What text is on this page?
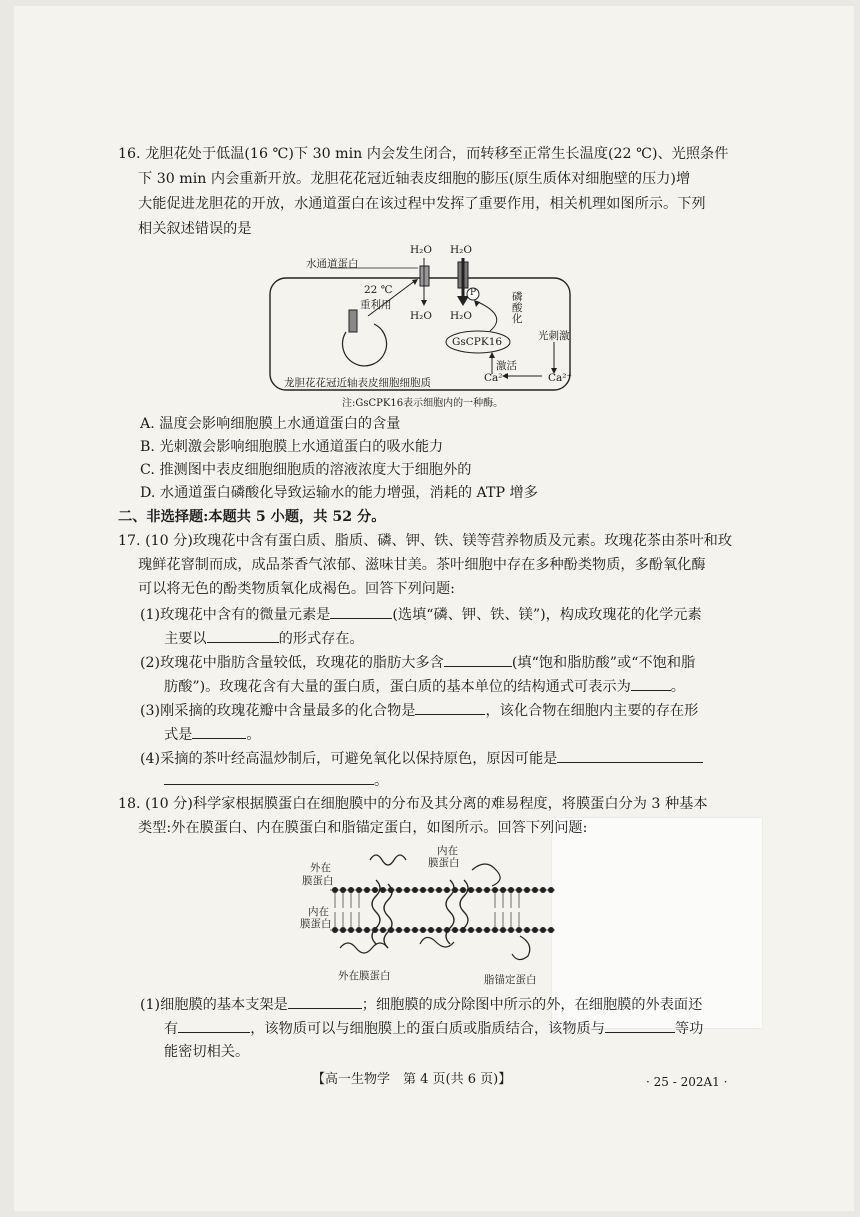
16. 龙胆花处于低温(16 ℃)下 30 min 内会发生闭合，而转移至正常生长温度(22 ℃)、光照条件
下 30 min 内会重新开放。龙胆花花冠近轴表皮细胞的膨压(原生质体对细胞壁的压力)增
大能促进龙胆花的开放，水通道蛋白在该过程中发挥了重要作用，相关机理如图所示。下列
相关叙述错误的是
水通道蛋白
H₂O H₂O
H₂O H₂O
22 ℃
重利用
P	磷
酸
化
光刺激
GsCPK16
激活
Ca²⁺	Ca²⁺
龙胆花花冠近轴表皮细胞细胞质
注:GsCPK16表示细胞内的一种酶。
A. 温度会影响细胞膜上水通道蛋白的含量
B. 光刺激会影响细胞膜上水通道蛋白的吸水能力
C. 推测图中表皮细胞细胞质的溶液浓度大于细胞外的
D. 水通道蛋白磷酸化导致运输水的能力增强，消耗的 ATP 增多
二、非选择题:本题共 5 小题，共 52 分。
17. (10 分)玫瑰花中含有蛋白质、脂质、磷、钾、铁、镁等营养物质及元素。玫瑰花茶由茶叶和玫
瑰鲜花窨制而成，成品茶香气浓郁、滋味甘美。茶叶细胞中存在多种酚类物质，多酚氧化酶
可以将无色的酚类物质氧化成褐色。回答下列问题:
(1)玫瑰花中含有的微量元素是	(选填“磷、钾、铁、镁”)，构成玫瑰花的化学元素
主要以	的形式存在。
(2)玫瑰花中脂肪含量较低，玫瑰花的脂肪大多含	(填“饱和脂肪酸”或“不饱和脂
肪酸”)。玫瑰花含有大量的蛋白质，蛋白质的基本单位的结构通式可表示为	。
(3)刚采摘的玫瑰花瓣中含量最多的化合物是	，该化合物在细胞内主要的存在形
式是	。
(4)采摘的茶叶经高温炒制后，可避免氧化以保持原色，原因可能是
。
18. (10 分)科学家根据膜蛋白在细胞膜中的分布及其分离的难易程度，将膜蛋白分为 3 种基本
类型:外在膜蛋白、内在膜蛋白和脂锚定蛋白，如图所示。回答下列问题:
外在
膜蛋白
内在
膜蛋白
内在
膜蛋白
外在膜蛋白	脂锚定蛋白
(1)细胞膜的基本支架是	；细胞膜的成分除图中所示的外，在细胞膜的外表面还
有	，该物质可以与细胞膜上的蛋白质或脂质结合，该物质与	等功
能密切相关。
【高一生物学　第 4 页(共 6 页)】	· 25 - 202A1 ·
